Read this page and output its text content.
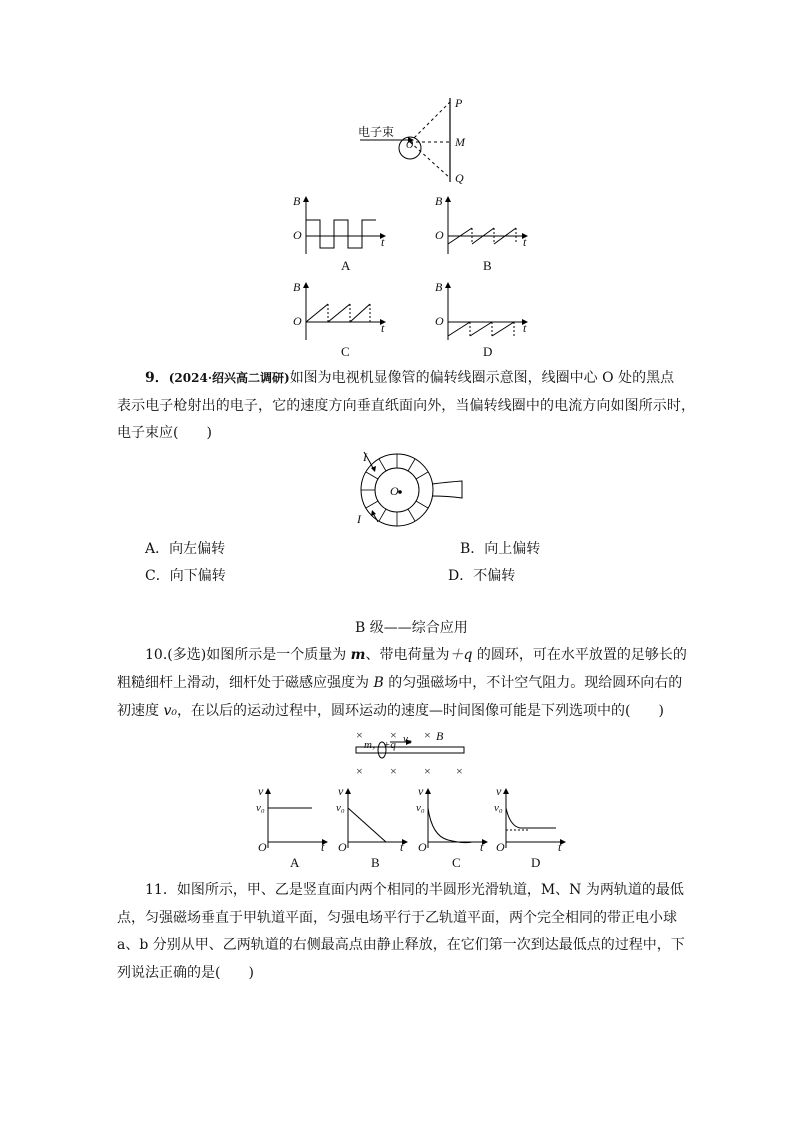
电子束
P
M
Q
O
B
O	t
A
B
O	t
B
B
O	t
C
B
O	t
D
9．(2024·绍兴高二调研)如图为电视机显像管的偏转线圈示意图，线圈中心 O 处的黑点
表示电子枪射出的电子，它的速度方向垂直纸面向外，当偏转线圈中的电流方向如图所示时，
电子束应(　　)
I
I
O
A．向左偏转	B．向上偏转
C．向下偏转	D．不偏转
B 级——综合应用
10.(多选)如图所示是一个质量为 m、带电荷量为＋q 的圆环，可在水平放置的足够长的
粗糙细杆上滑动，细杆处于磁感应强度为 B 的匀强磁场中，不计空气阻力。现给圆环向右的
初速度 v₀，在以后的运动过程中，圆环运动的速度—时间图像可能是下列选项中的(　　)
× × ×
m，+q v₀ B
× × × ×
v
v₀
O	t
A
v
v₀
O	t
B
v
v₀
O	t
C
v
v₀
O	t
D
11．如图所示，甲、乙是竖直面内两个相同的半圆形光滑轨道，M、N 为两轨道的最低
点，匀强磁场垂直于甲轨道平面，匀强电场平行于乙轨道平面，两个完全相同的带正电小球
a、b 分别从甲、乙两轨道的右侧最高点由静止释放，在它们第一次到达最低点的过程中，下
列说法正确的是(　　)
